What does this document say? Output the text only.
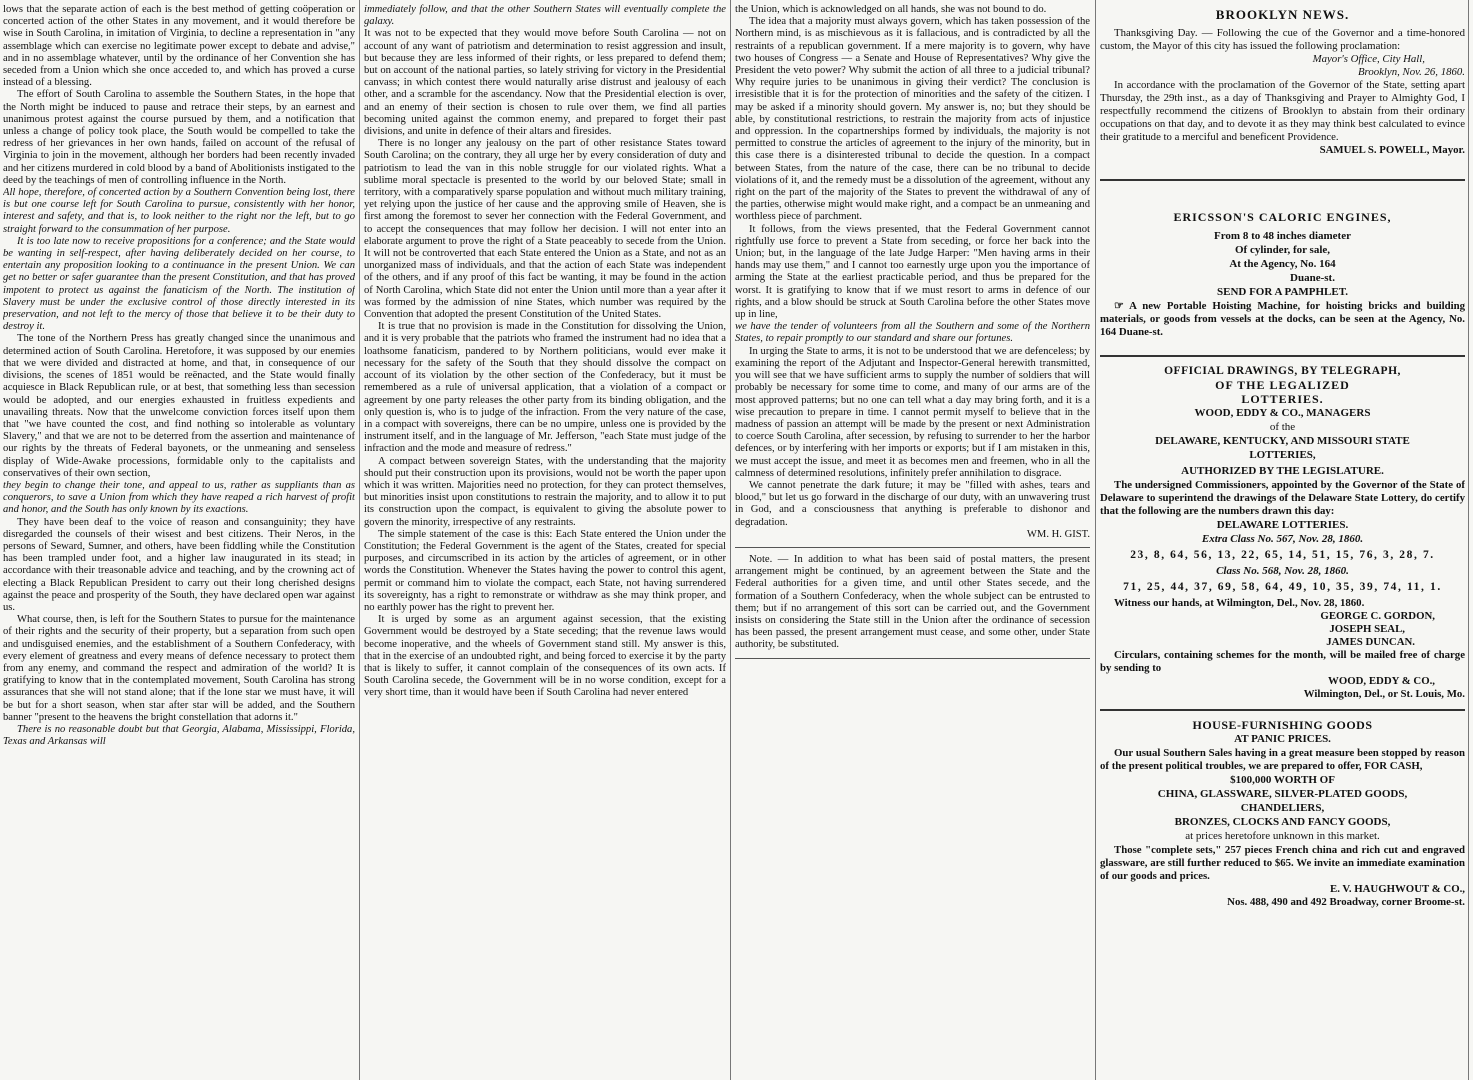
lows that the separate action of each is the best method of getting coöperation or concerted action of the other States in any movement, and it would therefore be wise in South Carolina, in imitation of Virginia, to decline a representation in "any assemblage which can exercise no legitimate power except to debate and advise," and in no assemblage whatever, until by the ordinance of her Convention she has seceded from a Union which she once acceded to, and which has proved a curse instead of a blessing.

The effort of South Carolina to assemble the Southern States, in the hope that the North might be induced to pause and retrace their steps, by an earnest and unanimous protest against the course pursued by them, and a notification that unless a change of policy took place, the South would be compelled to take the redress of her grievances in her own hands, failed on account of the refusal of Virginia to join in the movement, although her borders had been recently invaded and her citizens murdered in cold blood by a band of Abolitionists instigated to the deed by the teachings of men of controlling influence in the North.

All hope, therefore, of concerted action by a Southern Convention being lost, there is but one course left for South Carolina to pursue, consistently with her honor, interest and safety, and that is, to look neither to the right nor the left, but to go straight forward to the consummation of her purpose.

It is too late now to receive propositions for a conference; and the State would be wanting in self-respect, after having deliberately decided on her course, to entertain any proposition looking to a continuance in the present Union. We can get no better or safer guarantee than the present Constitution, and that has proved impotent to protect us against the fanaticism of the North. The institution of Slavery must be under the exclusive control of those directly interested in its preservation, and not left to the mercy of those that believe it to be their duty to destroy it.

The tone of the Northern Press has greatly changed since the unanimous and determined action of South Carolina. Heretofore, it was supposed by our enemies that we were divided and distracted at home, and that, in consequence of our divisions, the scenes of 1851 would be reënacted, and the State would finally acquiesce in Black Republican rule, or at best, that something less than secession would be adopted, and our energies exhausted in fruitless expedients and unavailing threats. Now that the unwelcome conviction forces itself upon them that "we have counted the cost, and find nothing so intolerable as voluntary Slavery," and that we are not to be deterred from the assertion and maintenance of our rights by the threats of Federal bayonets, or the unmeaning and senseless display of Wide-Awake processions, formidable only to the capitalists and conservatives of their own section,

they begin to change their tone, and appeal to us, rather as suppliants than as conquerors, to save a Union from which they have reaped a rich harvest of profit and honor, and the South has only known by its exactions.

They have been deaf to the voice of reason and consanguinity; they have disregarded the counsels of their wisest and best citizens. Their Neros, in the persons of Seward, Sumner, and others, have been fiddling while the Constitution has been trampled under foot, and a higher law inaugurated in its stead; in accordance with their treasonable advice and teaching, and by the crowning act of electing a Black Republican President to carry out their long cherished designs against the peace and prosperity of the South, they have declared open war against us.

What course, then, is left for the Southern States to pursue for the maintenance of their rights and the security of their property, but a separation from such open and undisguised enemies, and the establishment of a Southern Confederacy, with every element of greatness and every means of defence necessary to protect them from any enemy, and command the respect and admiration of the world? It is gratifying to know that in the contemplated movement, South Carolina has strong assurances that she will not stand alone; that if the lone star we must have, it will be but for a short season, when star after star will be added, and the Southern banner "present to the heavens the bright constellation that adorns it."

There is no reasonable doubt but that Georgia, Alabama, Mississippi, Florida, Texas and Arkansas will

immediately follow, and that the other Southern States will eventually complete the galaxy.

It was not to be expected that they would move before South Carolina — not on account of any want of patriotism and determination to resist aggression and insult, but because they are less informed of their rights, or less prepared to defend them; but on account of the national parties, so lately striving for victory in the Presidential canvass; in which contest there would naturally arise distrust and jealousy of each other, and a scramble for the ascendancy. Now that the Presidential election is over, and an enemy of their section is chosen to rule over them, we find all parties becoming united against the common enemy, and prepared to forget their past divisions, and unite in defence of their altars and firesides.

There is no longer any jealousy on the part of other resistance States toward South Carolina; on the contrary, they all urge her by every consideration of duty and patriotism to lead the van in this noble struggle for our violated rights. What a sublime moral spectacle is presented to the world by our beloved State; small in territory, with a comparatively sparse population and without much military training, yet relying upon the justice of her cause and the approving smile of Heaven, she is first among the foremost to sever her connection with the Federal Government, and to accept the consequences that may follow her decision. I will not enter into an elaborate argument to prove the right of a State peaceably to secede from the Union. It will not be controverted that each State entered the Union as a State, and not as an unorganized mass of individuals, and that the action of each State was independent of the others, and if any proof of this fact be wanting, it may be found in the action of North Carolina, which State did not enter the Union until more than a year after it was formed by the admission of nine States, which number was required by the Convention that adopted the present Constitution of the United States.

It is true that no provision is made in the Constitution for dissolving the Union, and it is very probable that the patriots who framed the instrument had no idea that a loathsome fanaticism, pandered to by Northern politicians, would ever make it necessary for the safety of the South that they should dissolve the compact on account of its violation by the other section of the Confederacy, but it must be remembered as a rule of universal application, that a violation of a compact or agreement by one party releases the other party from its binding obligation, and the only question is, who is to judge of the infraction. From the very nature of the case, in a compact with sovereigns, there can be no umpire, unless one is provided by the instrument itself, and in the language of Mr. Jefferson, "each State must judge of the infraction and the mode and measure of redress."

A compact between sovereign States, with the understanding that the majority should put their construction upon its provisions, would not be worth the paper upon which it was written. Majorities need no protection, for they can protect themselves, but minorities insist upon constitutions to restrain the majority, and to allow it to put its construction upon the compact, is equivalent to giving the absolute power to govern the minority, irrespective of any restraints.

The simple statement of the case is this: Each State entered the Union under the Constitution; the Federal Government is the agent of the States, created for special purposes, and circumscribed in its action by the articles of agreement, or in other words the Constitution. Whenever the States having the power to control this agent, permit or command him to violate the compact, each State, not having surrendered its sovereignty, has a right to remonstrate or withdraw as she may think proper, and no earthly power has the right to prevent her.

It is urged by some as an argument against secession, that the existing Government would be destroyed by a State seceding; that the revenue laws would become inoperative, and the wheels of Government stand still. My answer is this, that in the exercise of an undoubted right, and being forced to exercise it by the party that is likely to suffer, it cannot complain of the consequences of its own acts. If South Carolina secede, the Government will be in no worse condition, except for a very short time, than it would have been if South Carolina had never entered

the Union, which is acknowledged on all hands, she was not bound to do.

The idea that a majority must always govern, which has taken possession of the Northern mind, is as mischievous as it is fallacious, and is contradicted by all the restraints of a republican government. If a mere majority is to govern, why have two houses of Congress — a Senate and House of Representatives? Why give the President the veto power? Why submit the action of all three to a judicial tribunal? Why require juries to be unanimous in giving their verdict? The conclusion is irresistible that it is for the protection of minorities and the safety of the citizen. I may be asked if a minority should govern. My answer is, no; but they should be able, by constitutional restrictions, to restrain the majority from acts of injustice and oppression. In the copartnerships formed by individuals, the majority is not permitted to construe the articles of agreement to the injury of the minority, but in this case there is a disinterested tribunal to decide the question. In a compact between States, from the nature of the case, there can be no tribunal to decide violations of it, and the remedy must be a dissolution of the agreement, without any right on the part of the majority of the States to prevent the withdrawal of any of the parties, otherwise might would make right, and a compact be an unmeaning and worthless piece of parchment.

It follows, from the views presented, that the Federal Government cannot rightfully use force to prevent a State from seceding, or force her back into the Union; but, in the language of the late Judge Harper: "Men having arms in their hands may use them," and I cannot too earnestly urge upon you the importance of arming the State at the earliest practicable period, and thus be prepared for the worst. It is gratifying to know that if we must resort to arms in defence of our rights, and a blow should be struck at South Carolina before the other States move up in line,

we have the tender of volunteers from all the Southern and some of the Northern States, to repair promptly to our standard and share our fortunes.

In urging the State to arms, it is not to be understood that we are defenceless; by examining the report of the Adjutant and Inspector-General herewith transmitted, you will see that we have sufficient arms to supply the number of soldiers that will probably be necessary for some time to come, and many of our arms are of the most approved patterns; but no one can tell what a day may bring forth, and it is a wise precaution to prepare in time. I cannot permit myself to believe that in the madness of passion an attempt will be made by the present or next Administration to coerce South Carolina, after secession, by refusing to surrender to her the harbor defences, or by interfering with her imports or exports; but if I am mistaken in this, we must accept the issue, and meet it as becomes men and freemen, who in all the calmness of determined resolutions, infinitely prefer annihilation to disgrace.

We cannot penetrate the dark future; it may be "filled with ashes, tears and blood," but let us go forward in the discharge of our duty, with an unwavering trust in God, and a consciousness that anything is preferable to dishonor and degradation.

WM. H. GIST.

Note. — In addition to what has been said of postal matters, the present arrangement might be continued, by an agreement between the State and the Federal authorities for a given time, and until other States secede, and the formation of a Southern Confederacy, when the whole subject can be entrusted to them; but if no arrangement of this sort can be carried out, and the Government insists on considering the State still in the Union after the ordinance of secession has been passed, the present arrangement must cease, and some other, under State authority, be substituted.

BROOKLYN NEWS.

Thanksgiving Day. — Following the cue of the Governor and a time-honored custom, the Mayor of this city has issued the following proclamation:

Mayor's Office, City Hall,

Brooklyn, Nov. 26, 1860.

In accordance with the proclamation of the Governor of the State, setting apart Thursday, the 29th inst., as a day of Thanksgiving and Prayer to Almighty God, I respectfully recommend the citizens of Brooklyn to abstain from their ordinary occupations on that day, and to devote it as they may think best calculated to evince their gratitude to a merciful and beneficent Providence.

SAMUEL S. POWELL, Mayor.

ERICSSON'S CALORIC ENGINES,
From 8 to 48 inches diameter
Of cylinder, for sale,
At the Agency, No. 164
Duane-st.
SEND FOR A PAMPHLET.

☞ A new Portable Hoisting Machine, for hoisting bricks and building materials, or goods from vessels at the docks, can be seen at the Agency, No. 164 Duane-st.

OFFICIAL DRAWINGS, BY TELEGRAPH,
OF THE LEGALIZED
LOTTERIES.
WOOD, EDDY & CO., MANAGERS
of the
DELAWARE, KENTUCKY, AND MISSOURI STATE
LOTTERIES,
AUTHORIZED BY THE LEGISLATURE.

The undersigned Commissioners, appointed by the Governor of the State of Delaware to superintend the drawings of the Delaware State Lottery, do certify that the following are the numbers drawn this day:

DELAWARE LOTTERIES.
Extra Class No. 567, Nov. 28, 1860.
23, 8, 64, 56, 13, 22, 65, 14, 51, 15, 76, 3, 28, 7.
Class No. 568, Nov. 28, 1860.
71, 25, 44, 37, 69, 58, 64, 49, 10, 35, 39, 74, 11, 1.

Witness our hands, at Wilmington, Del., Nov. 28, 1860.

GEORGE C. GORDON,

JOSEPH SEAL,

JAMES DUNCAN.

Circulars, containing schemes for the month, will be mailed free of charge by sending to

WOOD, EDDY & CO.,

Wilmington, Del., or St. Louis, Mo.

HOUSE-FURNISHING GOODS
AT PANIC PRICES.

Our usual Southern Sales having in a great measure been stopped by reason of the present political troubles, we are prepared to offer, FOR CASH,

$100,000 WORTH OF
CHINA, GLASSWARE, SILVER-PLATED GOODS,
CHANDELIERS,
BRONZES, CLOCKS AND FANCY GOODS,
at prices heretofore unknown in this market.

Those "complete sets," 257 pieces French china and rich cut and engraved glassware, are still further reduced to $65. We invite an immediate examination of our goods and prices.

E. V. HAUGHWOUT & CO.,

Nos. 488, 490 and 492 Broadway, corner Broome-st.
